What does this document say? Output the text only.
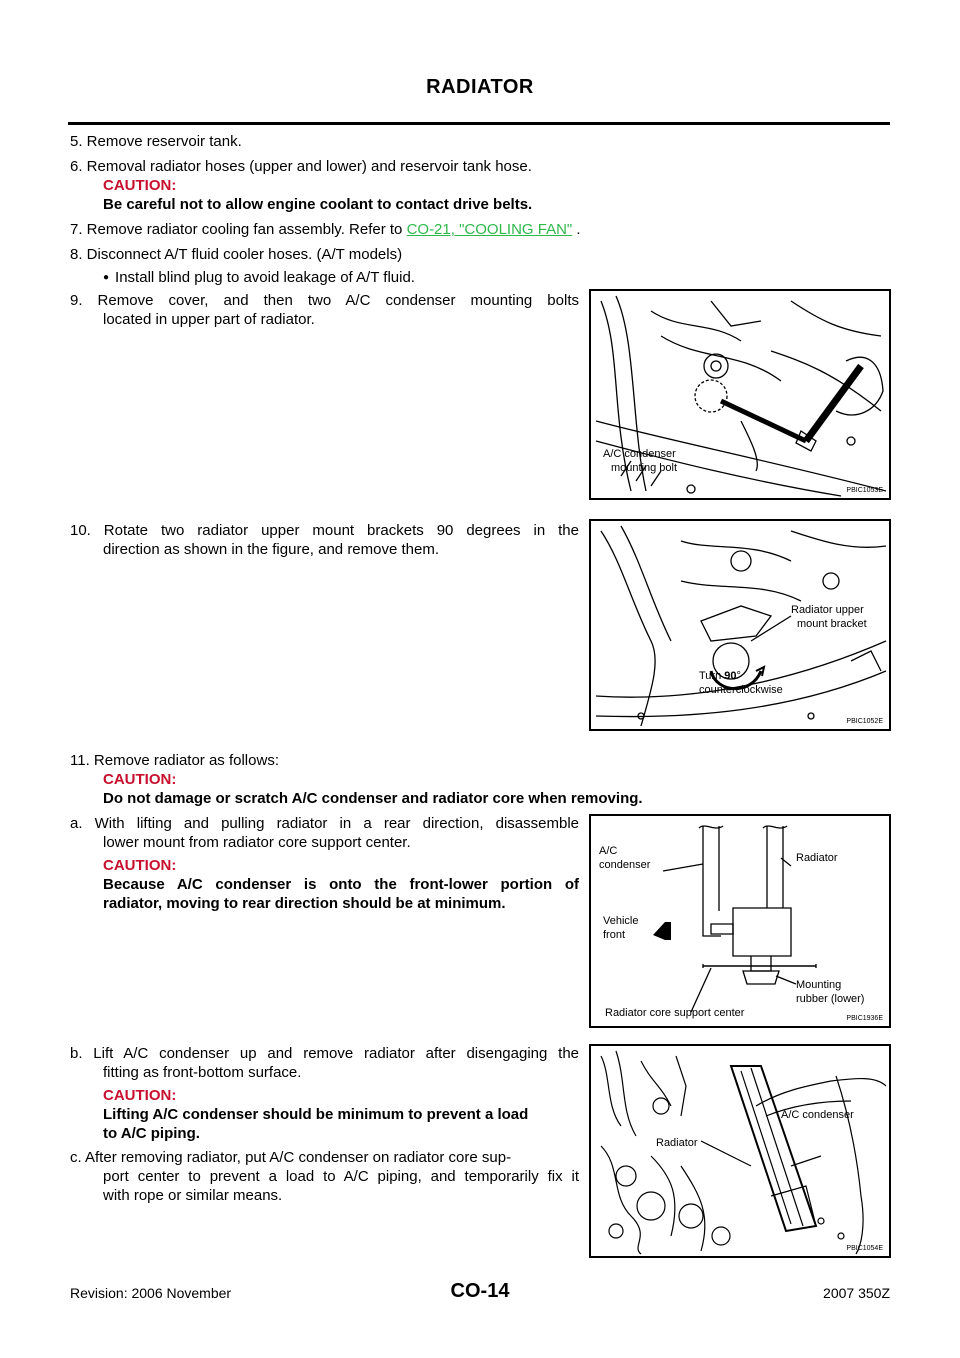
RADIATOR
5. Remove reservoir tank.
6. Removal radiator hoses (upper and lower) and reservoir tank hose.
CAUTION:
Be careful not to allow engine coolant to contact drive belts.
7. Remove radiator cooling fan assembly. Refer to CO-21, "COOLING FAN" .
8. Disconnect A/T fluid cooler hoses. (A/T models)
● Install blind plug to avoid leakage of A/T fluid.
9. Remove cover, and then two A/C condenser mounting bolts
located in upper part of radiator.
A/C condenser
mounting bolt
PBIC1053E
10. Rotate two radiator upper mount brackets 90 degrees in the
direction as shown in the figure, and remove them.
Radiator upper
mount bracket
Turn 90°
counterclockwise
PBIC1052E
11. Remove radiator as follows:
CAUTION:
Do not damage or scratch A/C condenser and radiator core when removing.
a. With lifting and pulling radiator in a rear direction, disassemble
lower mount from radiator core support center.
CAUTION:
Because A/C condenser is onto the front-lower portion of
radiator, moving to rear direction should be at minimum.
A/C
condenser
Radiator
Vehicle
front
Mounting
rubber (lower)
Radiator core support center	PBIC1936E
b. Lift A/C condenser up and remove radiator after disengaging the
fitting as front-bottom surface.
CAUTION:
Lifting A/C condenser should be minimum to prevent a load
to A/C piping.
c. After removing radiator, put A/C condenser on radiator core sup-
port center to prevent a load to A/C piping, and temporarily fix it
with rope or similar means.
A/C condenser
Radiator
PBIC1054E
Revision: 2006 November	CO-14	2007 350Z
